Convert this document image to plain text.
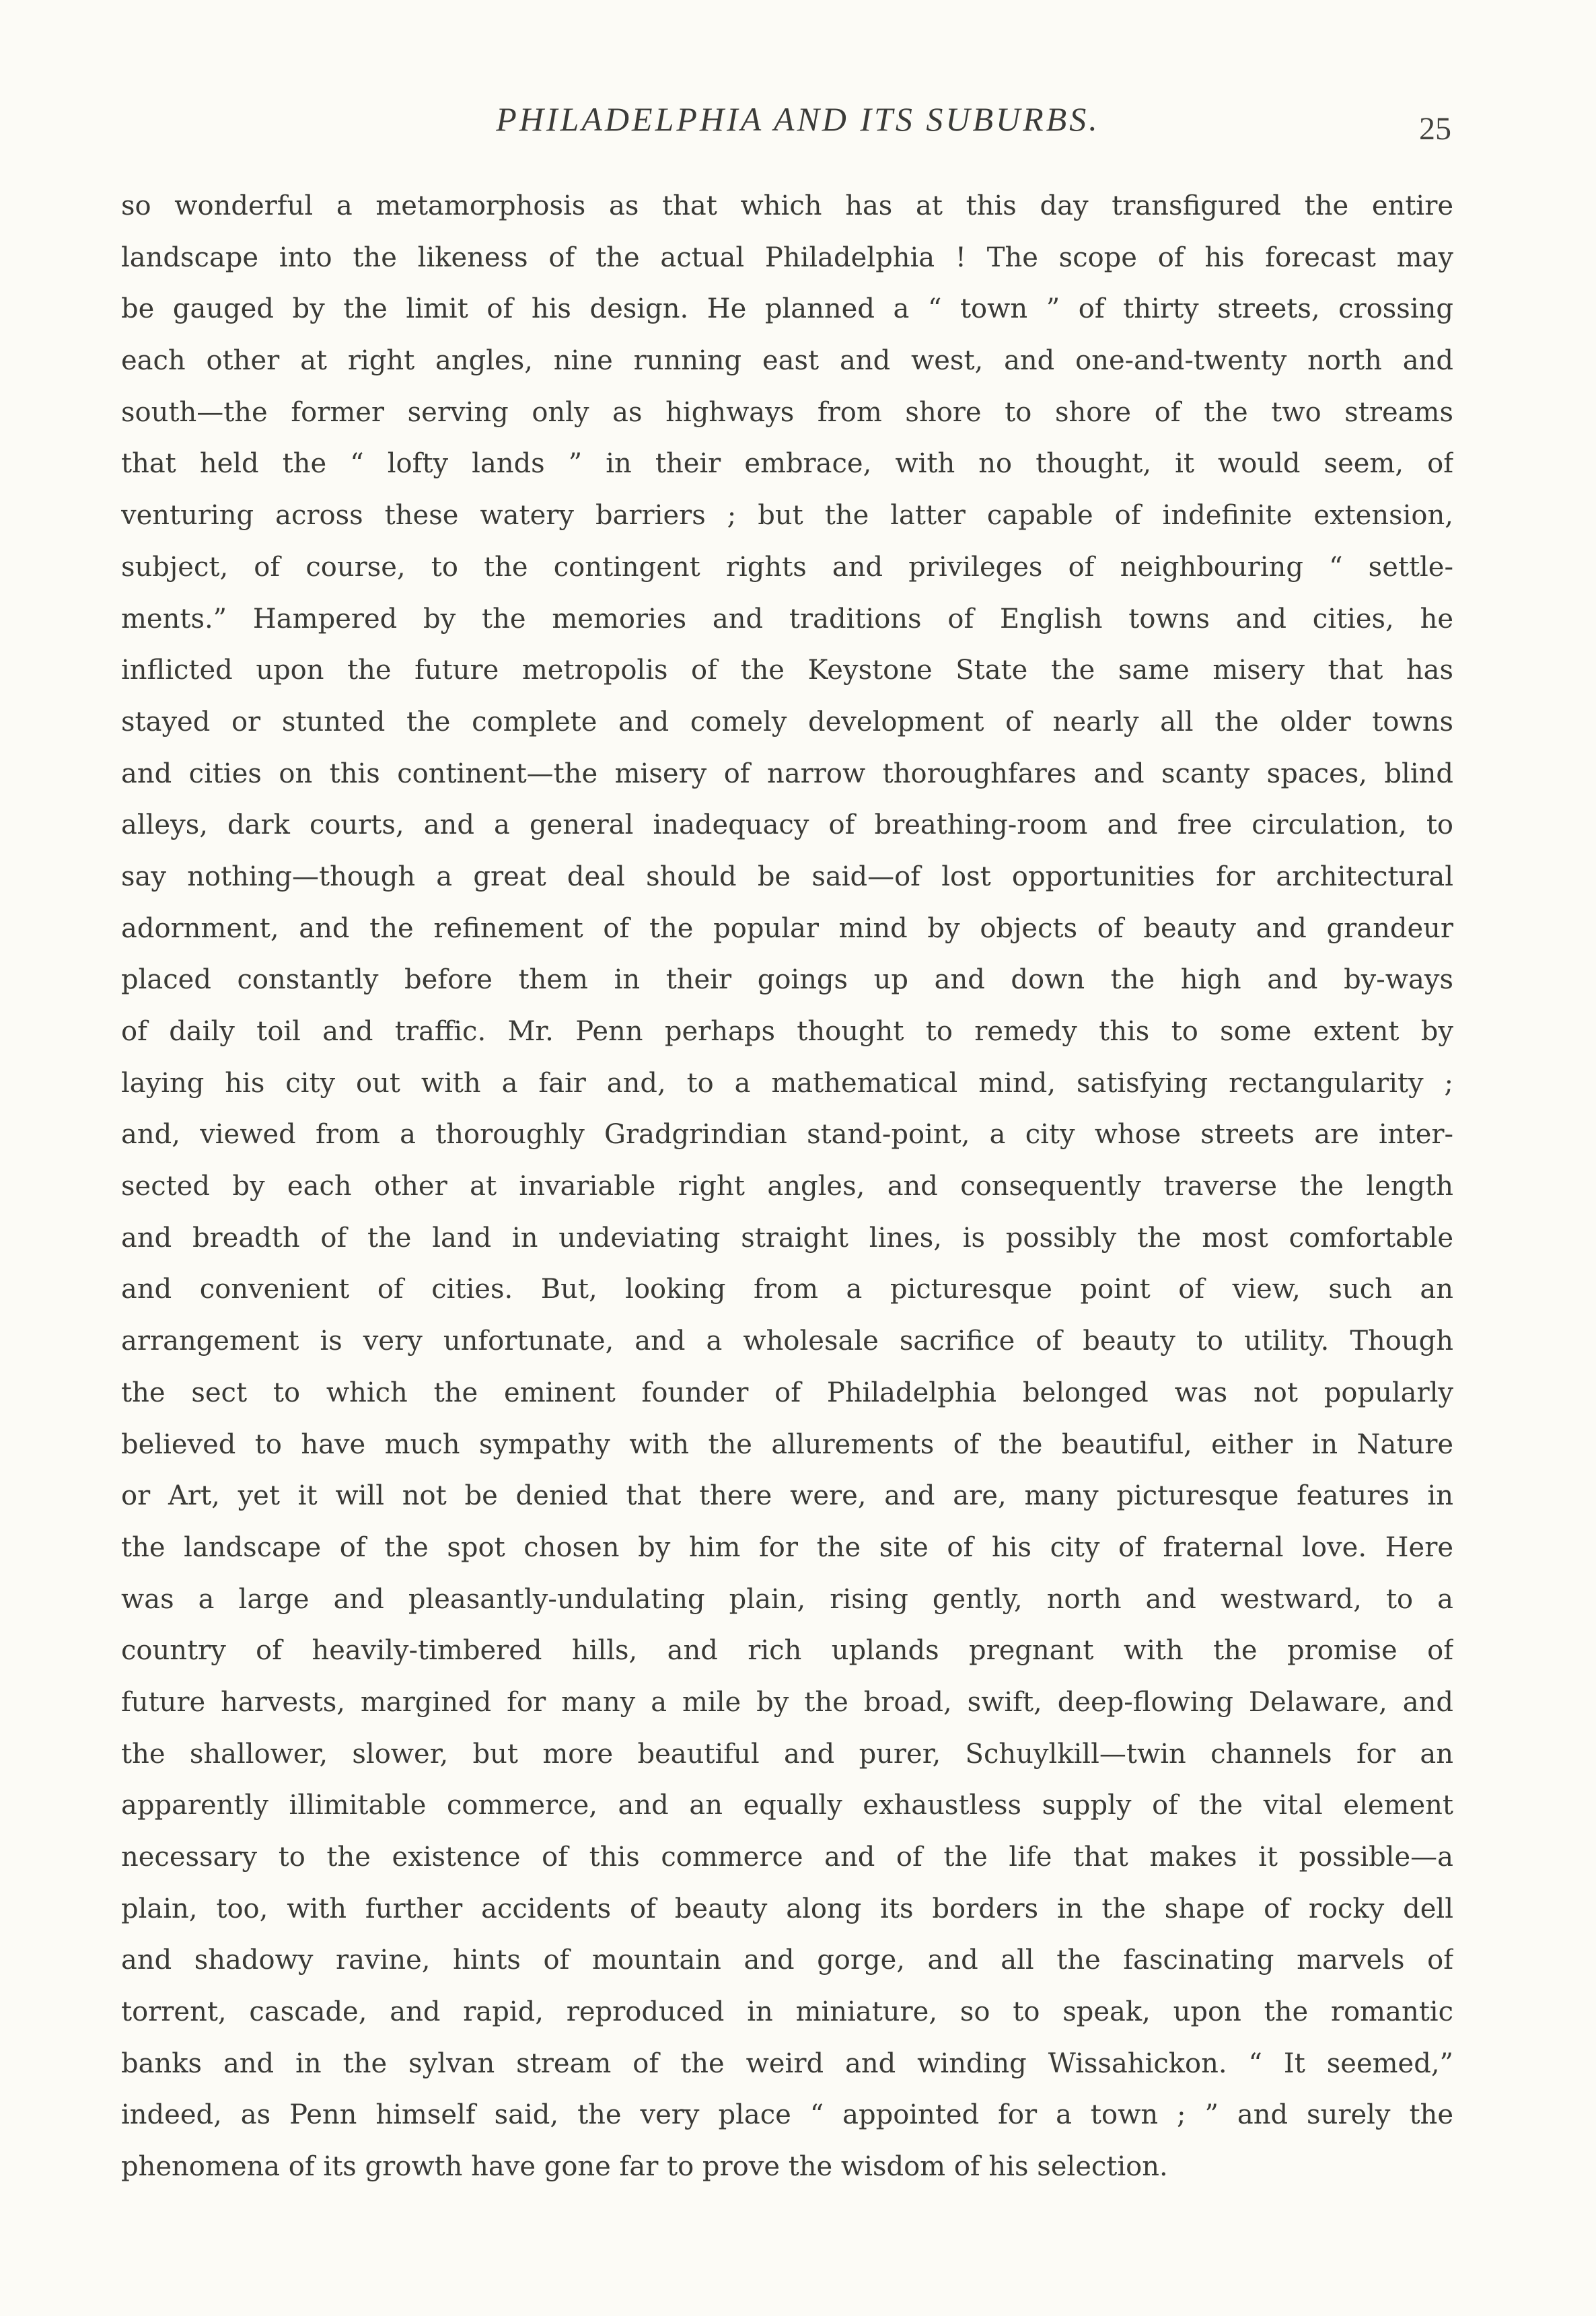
PHILADELPHIA AND ITS SUBURBS.	25
so wonderful a metamorphosis as that which has at this day transfigured the entire
landscape into the likeness of the actual Philadelphia ! The scope of his forecast may
be gauged by the limit of his design. He planned a “ town ” of thirty streets, crossing
each other at right angles, nine running east and west, and one-and-twenty north and
south—the former serving only as highways from shore to shore of the two streams
that held the “ lofty lands ” in their embrace, with no thought, it would seem, of
venturing across these watery barriers ; but the latter capable of indefinite extension,
subject, of course, to the contingent rights and privileges of neighbouring “ settle-
ments.” Hampered by the memories and traditions of English towns and cities, he
inflicted upon the future metropolis of the Keystone State the same misery that has
stayed or stunted the complete and comely development of nearly all the older towns
and cities on this continent—the misery of narrow thoroughfares and scanty spaces, blind
alleys, dark courts, and a general inadequacy of breathing-room and free circulation, to
say nothing—though a great deal should be said—of lost opportunities for architectural
adornment, and the refinement of the popular mind by objects of beauty and grandeur
placed constantly before them in their goings up and down the high and by-ways
of daily toil and traffic. Mr. Penn perhaps thought to remedy this to some extent by
laying his city out with a fair and, to a mathematical mind, satisfying rectangularity ;
and, viewed from a thoroughly Gradgrindian stand-point, a city whose streets are inter-
sected by each other at invariable right angles, and consequently traverse the length
and breadth of the land in undeviating straight lines, is possibly the most comfortable
and convenient of cities. But, looking from a picturesque point of view, such an
arrangement is very unfortunate, and a wholesale sacrifice of beauty to utility. Though
the sect to which the eminent founder of Philadelphia belonged was not popularly
believed to have much sympathy with the allurements of the beautiful, either in Nature
or Art, yet it will not be denied that there were, and are, many picturesque features in
the landscape of the spot chosen by him for the site of his city of fraternal love. Here
was a large and pleasantly-undulating plain, rising gently, north and westward, to a
country of heavily-timbered hills, and rich uplands pregnant with the promise of
future harvests, margined for many a mile by the broad, swift, deep-flowing Delaware, and
the shallower, slower, but more beautiful and purer, Schuylkill—twin channels for an
apparently illimitable commerce, and an equally exhaustless supply of the vital element
necessary to the existence of this commerce and of the life that makes it possible—a
plain, too, with further accidents of beauty along its borders in the shape of rocky dell
and shadowy ravine, hints of mountain and gorge, and all the fascinating marvels of
torrent, cascade, and rapid, reproduced in miniature, so to speak, upon the romantic
banks and in the sylvan stream of the weird and winding Wissahickon. “ It seemed,”
indeed, as Penn himself said, the very place “ appointed for a town ; ” and surely the
phenomena of its growth have gone far to prove the wisdom of his selection.
